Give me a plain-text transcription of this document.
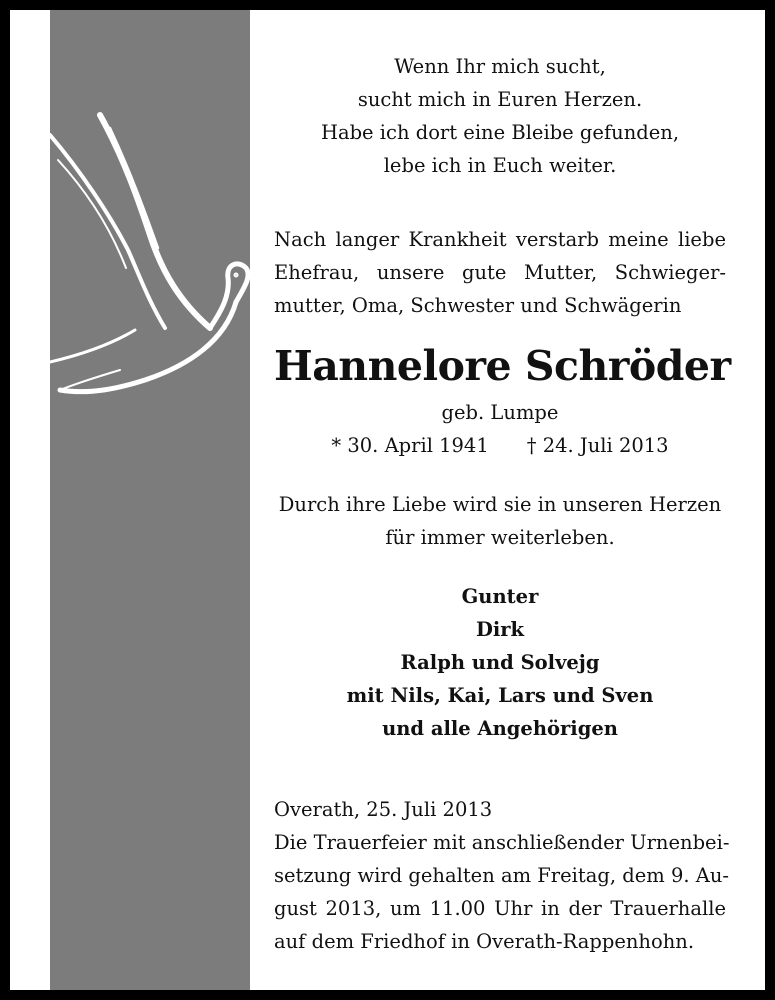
Wenn Ihr mich sucht,
sucht mich in Euren Herzen.
Habe ich dort eine Bleibe gefunden,
lebe ich in Euch weiter.
Nach langer Krankheit verstarb meine liebe
Ehefrau, unsere gute Mutter, Schwieger-
mutter, Oma, Schwester und Schwägerin
Hannelore Schröder
geb. Lumpe
* 30. April 1941 † 24. Juli 2013
Durch ihre Liebe wird sie in unseren Herzen
für immer weiterleben.
Gunter
Dirk
Ralph und Solvejg
mit Nils, Kai, Lars und Sven
und alle Angehörigen
Overath, 25. Juli 2013
Die Trauerfeier mit anschließender Urnenbei-
setzung wird gehalten am Freitag, dem 9. Au-
gust 2013, um 11.00 Uhr in der Trauerhalle
auf dem Friedhof in Overath-Rappenhohn.
